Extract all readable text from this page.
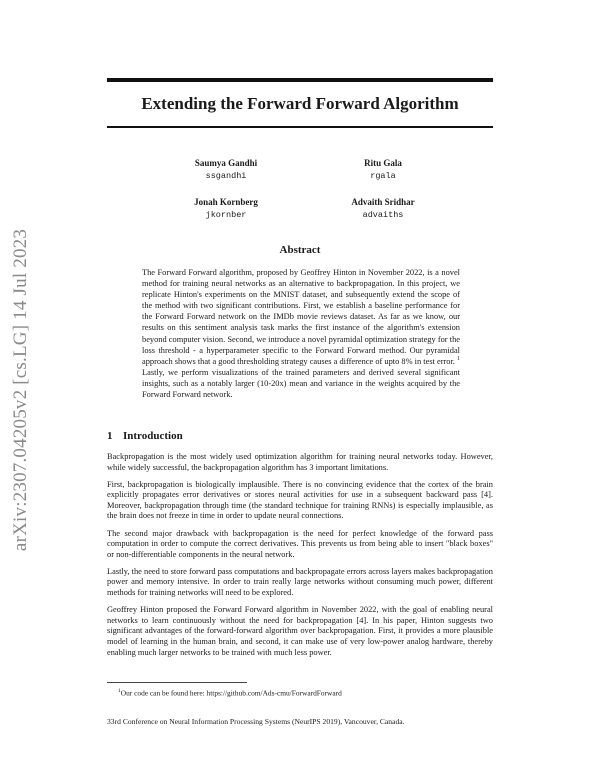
arXiv:2307.04205v2 [cs.LG] 14 Jul 2023
Extending the Forward Forward Algorithm
Saumya Gandhi
ssgandhi
Ritu Gala
rgala
Jonah Kornberg
jkornber
Advaith Sridhar
advaiths
Abstract

The Forward Forward algorithm, proposed by Geoffrey Hinton in November 2022, is a novel method for training neural networks as an alternative to backpropagation. In this project, we replicate Hinton's experiments on the MNIST dataset, and subsequently extend the scope of the method with two significant contributions. First, we establish a baseline performance for the Forward Forward network on the IMDb movie reviews dataset. As far as we know, our results on this sentiment analysis task marks the first instance of the algorithm's extension beyond computer vision. Second, we introduce a novel pyramidal optimization strategy for the loss threshold - a hyperparameter specific to the Forward Forward method. Our pyramidal approach shows that a good thresholding strategy causes a difference of upto 8% in test error. $^1$ Lastly, we perform visualizations of the trained parameters and derived several significant insights, such as a notably larger (10-20x) mean and variance in the weights acquired by the Forward Forward network.

1 Introduction

Backpropagation is the most widely used optimization algorithm for training neural networks today. However, while widely successful, the backpropagation algorithm has 3 important limitations.

First, backpropagation is biologically implausible. There is no convincing evidence that the cortex of the brain explicitly propagates error derivatives or stores neural activities for use in a subsequent backward pass [4]. Moreover, backpropagation through time (the standard technique for training RNNs) is especially implausible, as the brain does not freeze in time in order to update neural connections.

The second major drawback with backpropagation is the need for perfect knowledge of the forward pass computation in order to compute the correct derivatives. This prevents us from being able to insert "black boxes" or non-differentiable components in the neural network.

Lastly, the need to store forward pass computations and backpropagate errors across layers makes backpropagation power and memory intensive. In order to train really large networks without consuming much power, different methods for training networks will need to be explored.

Geoffrey Hinton proposed the Forward Forward algorithm in November 2022, with the goal of enabling neural networks to learn continuously without the need for backpropagation [4]. In his paper, Hinton suggests two significant advantages of the forward-forward algorithm over backpropagation. First, it provides a more plausible model of learning in the human brain, and second, it can make use of very low-power analog hardware, thereby enabling much larger networks to be trained with much less power.

$^1$Our code can be found here: https://github.com/Ads-cmu/ForwardForward
33rd Conference on Neural Information Processing Systems (NeurIPS 2019), Vancouver, Canada.
